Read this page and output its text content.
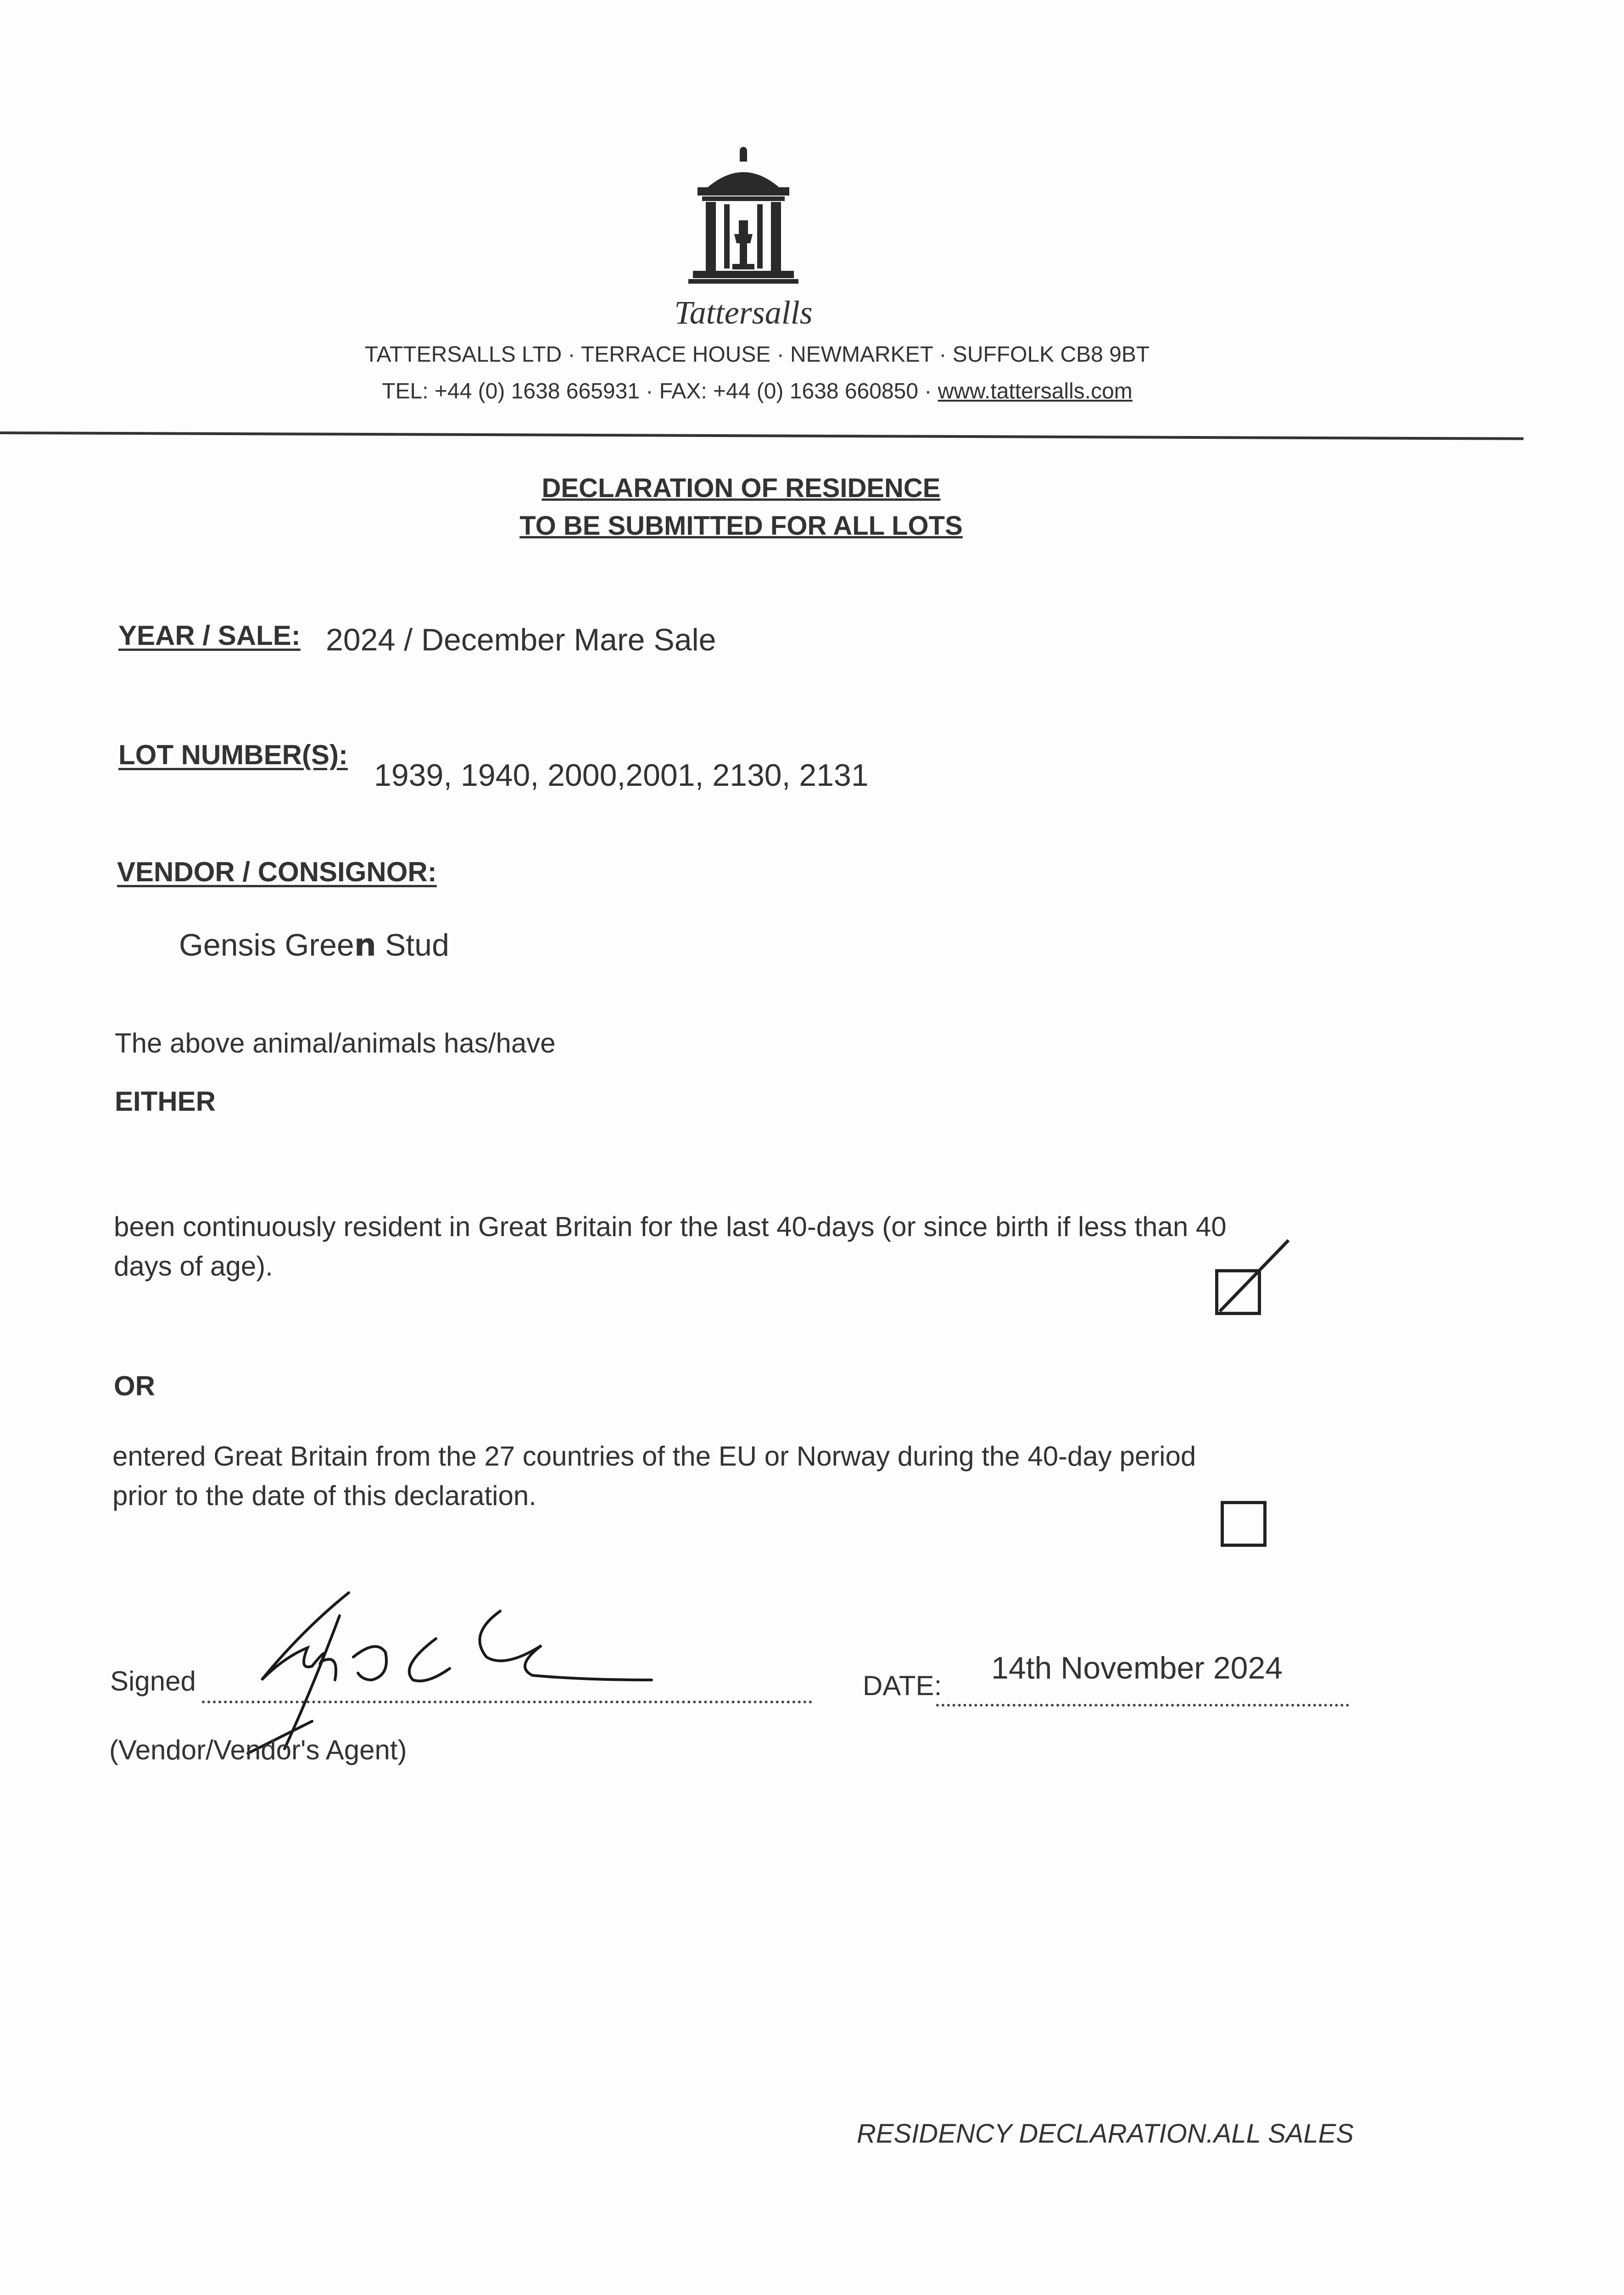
Tattersalls
TATTERSALLS LTD · TERRACE HOUSE · NEWMARKET · SUFFOLK CB8 9BT
TEL: +44 (0) 1638 665931 · FAX: +44 (0) 1638 660850 · www.tattersalls.com
DECLARATION OF RESIDENCE
TO BE SUBMITTED FOR ALL LOTS
YEAR / SALE: 2024 / December Mare Sale
LOT NUMBER(S):
1939, 1940, 2000,2001, 2130, 2131
VENDOR / CONSIGNOR:
Gensis Green Stud
The above animal/animals has/have
EITHER
been continuously resident in Great Britain for the last 40-days (or since birth if less than 40
days of age).
OR
entered Great Britain from the 27 countries of the EU or Norway during the 40-day period
prior to the date of this declaration.
Signed
(Vendor/Vendor's Agent)
DATE:
14th November 2024
RESIDENCY DECLARATION.ALL SALES
